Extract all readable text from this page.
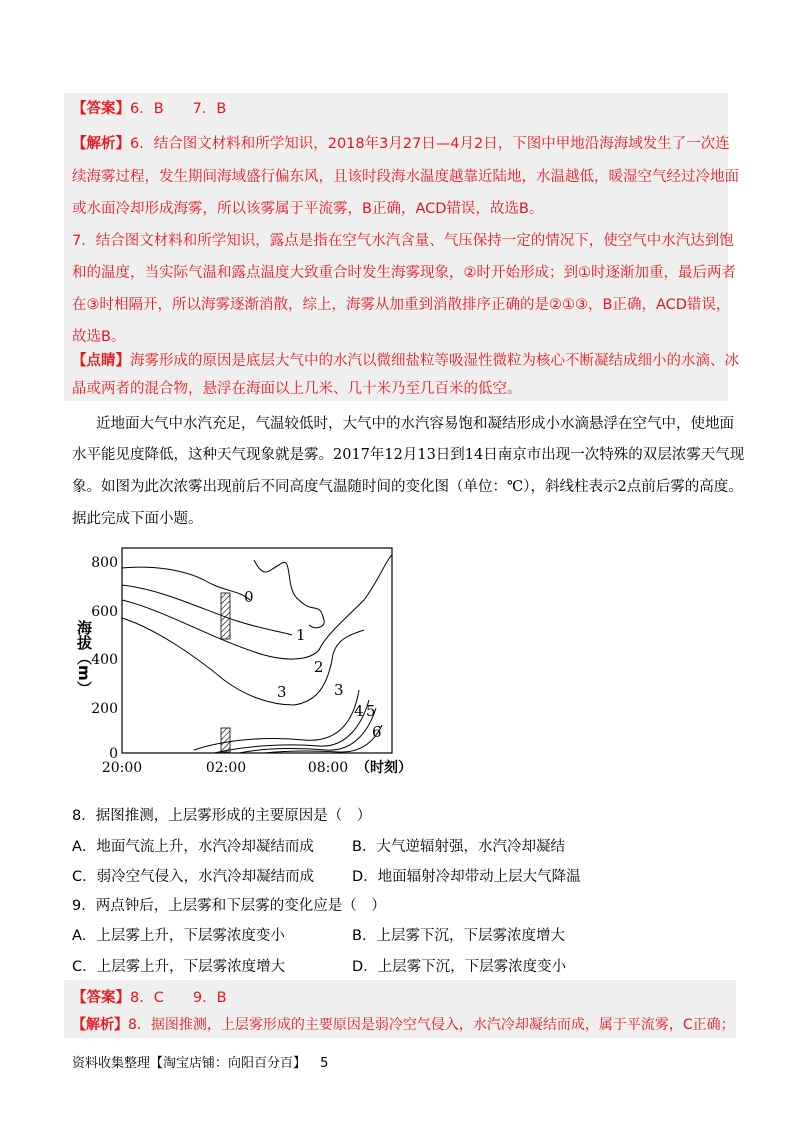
【答案】6．B　　7．B
【解析】6．结合图文材料和所学知识，2018年3月27日—4月2日，下图中甲地沿海海域发生了一次连
续海雾过程，发生期间海域盛行偏东风，且该时段海水温度越靠近陆地，水温越低，暖湿空气经过冷地面
或水面冷却形成海雾，所以该雾属于平流雾，B正确，ACD错误，故选B。
7．结合图文材料和所学知识，露点是指在空气水汽含量、气压保持一定的情况下，使空气中水汽达到饱
和的温度，当实际气温和露点温度大致重合时发生海雾现象，②时开始形成；到①时逐渐加重，最后两者
在③时相隔开，所以海雾逐渐消散，综上，海雾从加重到消散排序正确的是②①③，B正确，ACD错误，
故选B。
【点睛】海雾形成的原因是底层大气中的水汽以微细盐粒等吸湿性微粒为核心不断凝结成细小的水滴、冰
晶或两者的混合物，悬浮在海面以上几米、几十米乃至几百米的低空。
近地面大气中水汽充足，气温较低时，大气中的水汽容易饱和凝结形成小水滴悬浮在空气中，使地面
水平能见度降低，这种天气现象就是雾。2017年12月13日到14日南京市出现一次特殊的双层浓雾天气现
象。如图为此次浓雾出现前后不同高度气温随时间的变化图（单位：℃），斜线柱表示2点前后雾的高度。
据此完成下面小题。
800
600
400
200
0
20:00	02:00	08:00 （时刻）
海拔（m）
0
1
2
3	3
4 5
6
8．据图推测，上层雾形成的主要原因是（　）
A．地面气流上升，水汽冷却凝结而成	B．大气逆辐射强，水汽冷却凝结
C．弱冷空气侵入，水汽冷却凝结而成	D．地面辐射冷却带动上层大气降温
9．两点钟后，上层雾和下层雾的变化应是（　）
A．上层雾上升，下层雾浓度变小	B．上层雾下沉，下层雾浓度增大
C．上层雾上升，下层雾浓度增大	D．上层雾下沉，下层雾浓度变小
【答案】8．C　　9．B
【解析】8．据图推测，上层雾形成的主要原因是弱冷空气侵入，水汽冷却凝结而成，属于平流雾，C正确；
资料收集整理【淘宝店铺：向阳百分百】 5
